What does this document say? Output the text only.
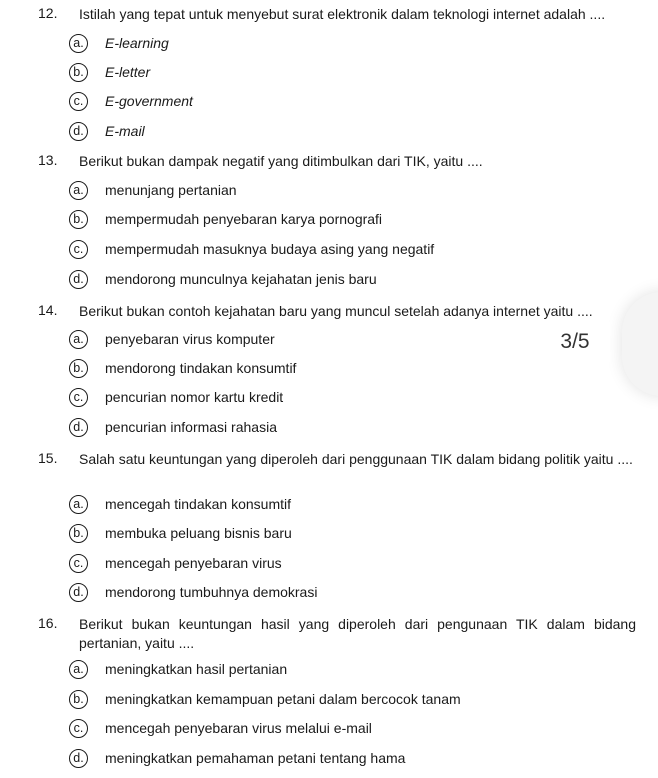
12. Istilah yang tepat untuk menyebut surat elektronik dalam teknologi internet adalah ....
a.	E-learning
b.	E-letter
c.	E-government
d.	E-mail
13. Berikut bukan dampak negatif yang ditimbulkan dari TIK, yaitu ....
a.	menunjang pertanian
b.	mempermudah penyebaran karya pornografi
c.	mempermudah masuknya budaya asing yang negatif
d.	mendorong munculnya kejahatan jenis baru
14. Berikut bukan contoh kejahatan baru yang muncul setelah adanya internet yaitu ....
a.	penyebaran virus komputer
b.	mendorong tindakan konsumtif
c.	pencurian nomor kartu kredit
d.	pencurian informasi rahasia
15. Salah satu keuntungan yang diperoleh dari penggunaan TIK dalam bidang politik yaitu ....
a.	mencegah tindakan konsumtif
b.	membuka peluang bisnis baru
c.	mencegah penyebaran virus
d.	mendorong tumbuhnya demokrasi
16. Berikut bukan keuntungan hasil yang diperoleh dari pengunaan TIK dalam bidang pertanian, yaitu ....
a.	meningkatkan hasil pertanian
b.	meningkatkan kemampuan petani dalam bercocok tanam
c.	mencegah penyebaran virus melalui e-mail
d.	meningkatkan pemahaman petani tentang hama
3/5
